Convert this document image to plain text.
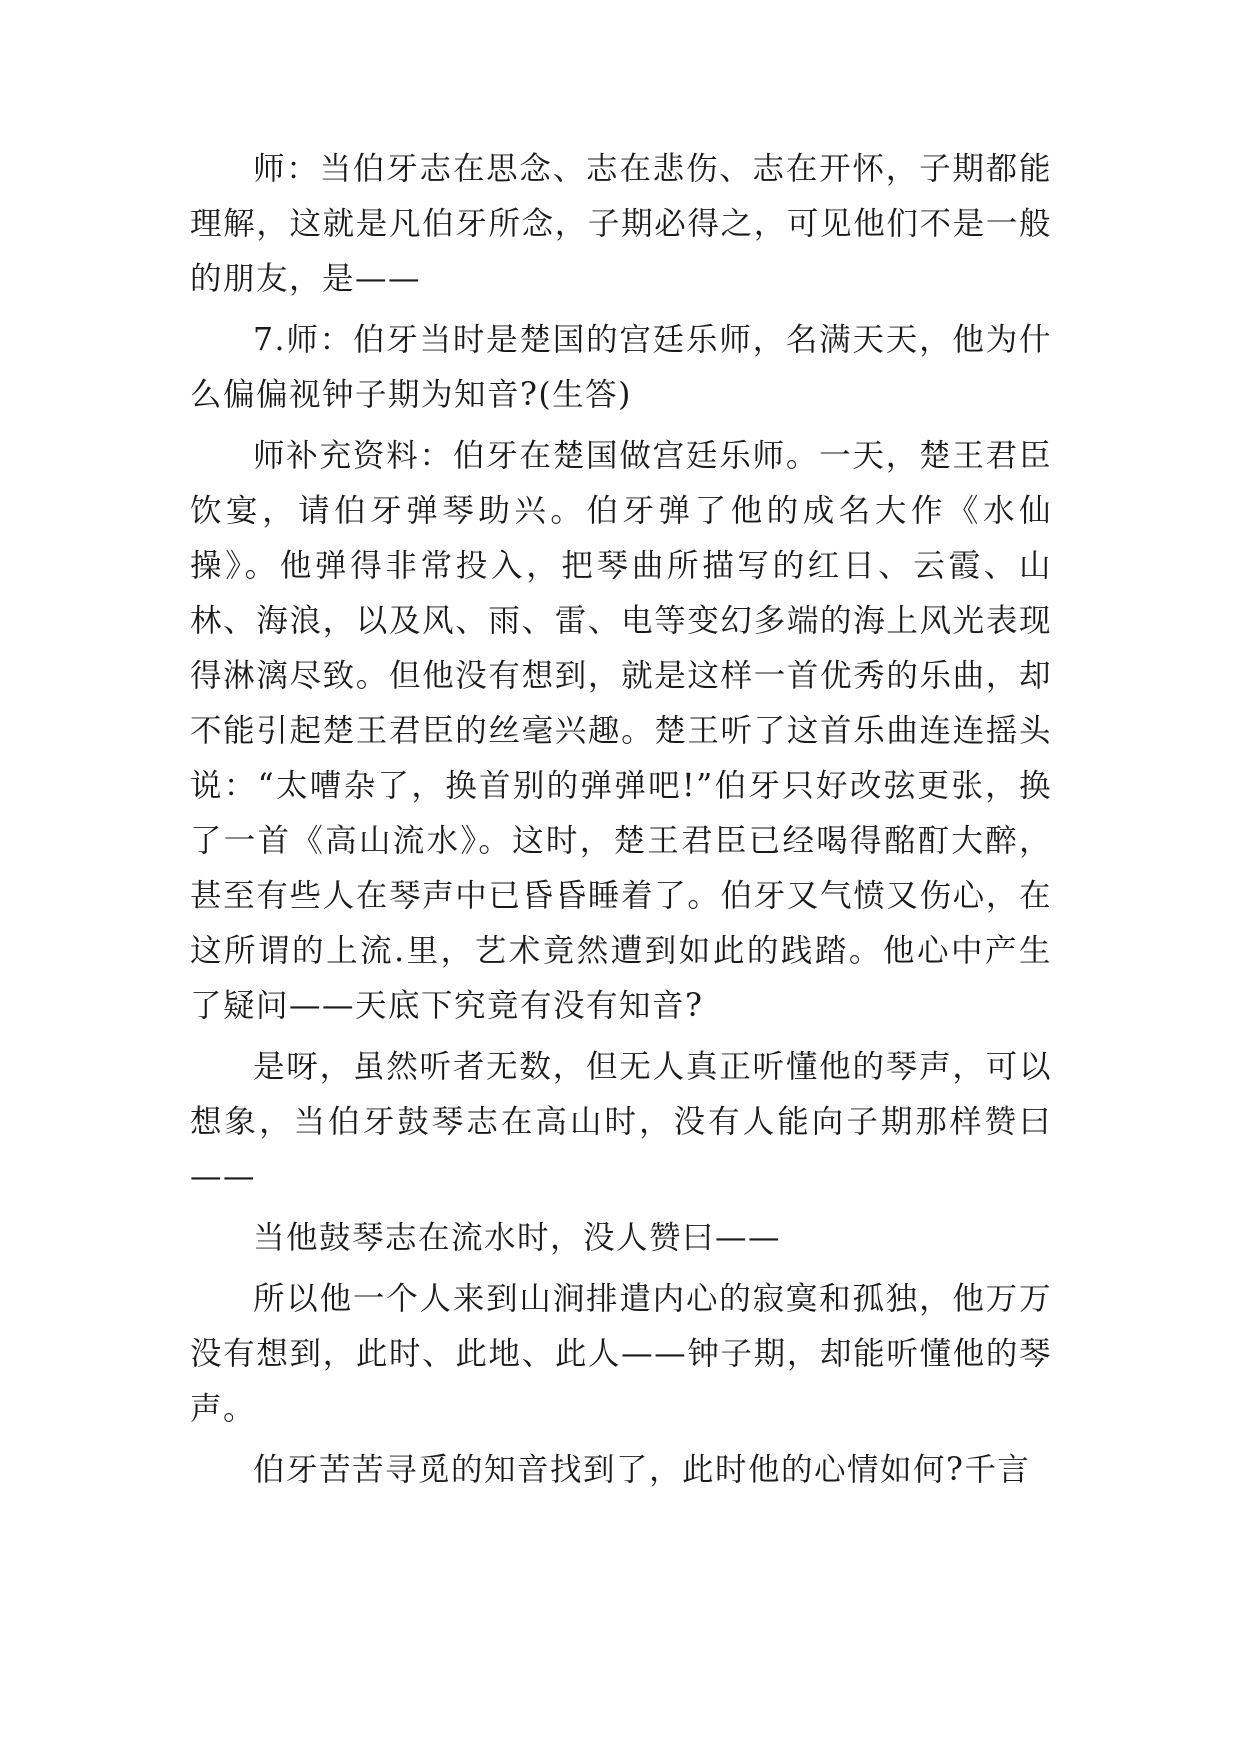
师：当伯牙志在思念、志在悲伤、志在开怀，子期都能理解，这就是凡伯牙所念，子期必得之，可见他们不是一般的朋友，是——

7.师：伯牙当时是楚国的宫廷乐师，名满天天，他为什么偏偏视钟子期为知音?(生答)

师补充资料：伯牙在楚国做宫廷乐师。一天，楚王君臣饮宴，请伯牙弹琴助兴。伯牙弹了他的成名大作《水仙操》。他弹得非常投入，把琴曲所描写的红日、云霞、山林、海浪，以及风、雨、雷、电等变幻多端的海上风光表现得淋漓尽致。但他没有想到，就是这样一首优秀的乐曲，却不能引起楚王君臣的丝毫兴趣。楚王听了这首乐曲连连摇头说：“太嘈杂了，换首别的弹弹吧!”伯牙只好改弦更张，换了一首《高山流水》。这时，楚王君臣已经喝得酩酊大醉，甚至有些人在琴声中已昏昏睡着了。伯牙又气愤又伤心，在这所谓的上流.里，艺术竟然遭到如此的践踏。他心中产生了疑问——天底下究竟有没有知音?

是呀，虽然听者无数，但无人真正听懂他的琴声，可以想象，当伯牙鼓琴志在高山时，没有人能向子期那样赞曰——

当他鼓琴志在流水时，没人赞曰——

所以他一个人来到山涧排遣内心的寂寞和孤独，他万万没有想到，此时、此地、此人——钟子期，却能听懂他的琴声。

伯牙苦苦寻觅的知音找到了，此时他的心情如何?千言
